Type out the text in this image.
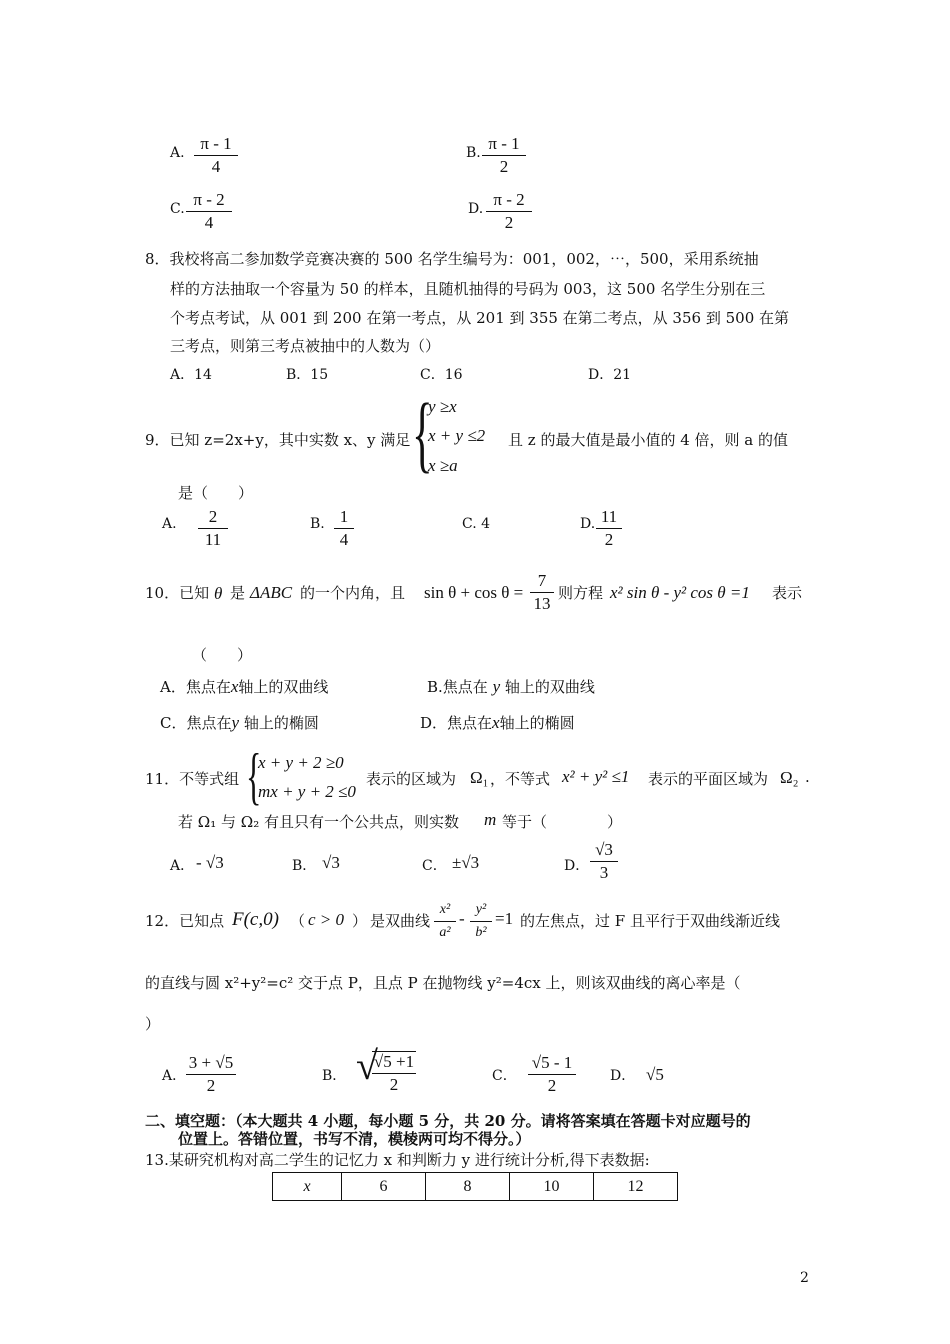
A. π - 1
4
B. π - 1
2
C. π - 2
4
D. π - 2
2
8．我校将高二参加数学竞赛决赛的 500 名学生编号为：001，002，⋯，500，采用系统抽
样的方法抽取一个容量为 50 的样本，且随机抽得的号码为 003，这 500 名学生分别在三
个考点考试，从 001 到 200 在第一考点，从 201 到 355 在第二考点，从 356 到 500 在第
三考点，则第三考点被抽中的人数为（）
A．14	B．15	C．16	D．21
9．已知 z=2x+y，其中实数 x、y 满足 {
y ≥x
x + y ≤2
x ≥a
且 z 的最大值是最小值的 4 倍，则 a 的值
是（　　）
A.	2
11
B. 1
4
C. 4	D. 11
2
10．已知 θ 是 ΔABC 的一个内角，且 sin θ + cos θ =
7
13
则方程 x² sin θ - y² cos θ =1 表示
（　　）
A．焦点在x轴上的双曲线	B.焦点在 y 轴上的双曲线
C．焦点在y 轴上的椭圆	D．焦点在x轴上的椭圆
11．不等式组 {
x + y + 2 ≥0
mx + y + 2 ≤0
表示的区域为 Ω₁ ，不等式 x² + y² ≤1 表示的平面区域为 Ω₂ .
若 Ω₁ 与 Ω₂ 有且只有一个公共点，则实数 m 等于（　　　　）
A． - √3	B． √3	C． ±√3	D．
√3
3
12．已知点 F(c,0) （ c > 0 ） 是双曲线
x²
a²
- y²
b²
=1 的左焦点，过 F 且平行于双曲线渐近线
的直线与圆 x²+y²=c² 交于点 P，且点 P 在抛物线 y²=4cx 上，则该双曲线的离心率是（
）
A．
3 + √5
2	B． √
√5 +1
2	C．
√5 - 1
2	D． √5
二、填空题：（本大题共 4 小题，每小题 5 分，共 20 分。请将答案填在答题卡对应题号的
位置上。答错位置，书写不清，模棱两可均不得分。）
13.某研究机构对高二学生的记忆力 x 和判断力 y 进行统计分析,得下表数据:
x	6	8	10	12
2
